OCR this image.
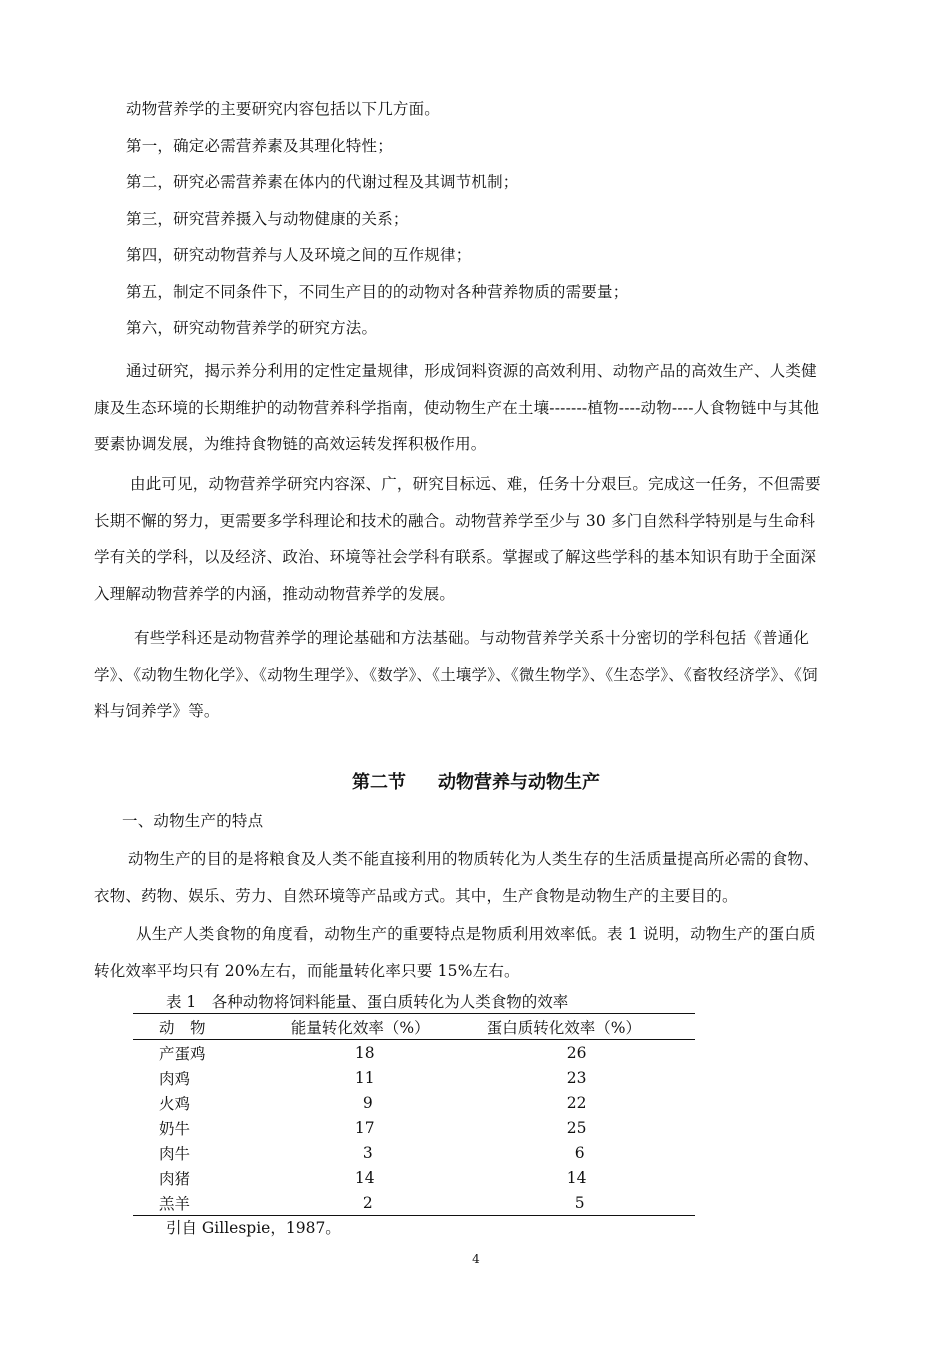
动物营养学的主要研究内容包括以下几方面。
第一，确定必需营养素及其理化特性；
第二，研究必需营养素在体内的代谢过程及其调节机制；
第三，研究营养摄入与动物健康的关系；
第四，研究动物营养与人及环境之间的互作规律；
第五，制定不同条件下，不同生产目的的动物对各种营养物质的需要量；
第六，研究动物营养学的研究方法。
通过研究，揭示养分利用的定性定量规律，形成饲料资源的高效利用、动物产品的高效生产、人类健
康及生态环境的长期维护的动物营养科学指南，使动物生产在土壤-------植物----动物----人食物链中与其他
要素协调发展，为维持食物链的高效运转发挥积极作用。
由此可见，动物营养学研究内容深、广，研究目标远、难，任务十分艰巨。完成这一任务，不但需要
长期不懈的努力，更需要多学科理论和技术的融合。动物营养学至少与 30 多门自然科学特别是与生命科
学有关的学科，以及经济、政治、环境等社会学科有联系。掌握或了解这些学科的基本知识有助于全面深
入理解动物营养学的内涵，推动动物营养学的发展。
有些学科还是动物营养学的理论基础和方法基础。与动物营养学关系十分密切的学科包括《普通化
学》、《动物生物化学》、《动物生理学》、《数学》、《土壤学》、《微生物学》、《生态学》、《畜牧经济学》、《饲
料与饲养学》等。
第二节 动物营养与动物生产
一、动物生产的特点
动物生产的目的是将粮食及人类不能直接利用的物质转化为人类生存的生活质量提高所必需的食物、
衣物、药物、娱乐、劳力、自然环境等产品或方式。其中，生产食物是动物生产的主要目的。
从生产人类食物的角度看，动物生产的重要特点是物质利用效率低。表 1 说明，动物生产的蛋白质
转化效率平均只有 20%左右，而能量转化率只要 15%左右。
表 1　各种动物将饲料能量、蛋白质转化为人类食物的效率
动　物	能量转化效率（%）	蛋白质转化效率（%）
产蛋鸡	18	26
肉鸡	11	23
火鸡	9	22
奶牛	17	25
肉牛	3	6
肉猪	14	14
羔羊	2	5
引自 Gillespie，1987。
4
